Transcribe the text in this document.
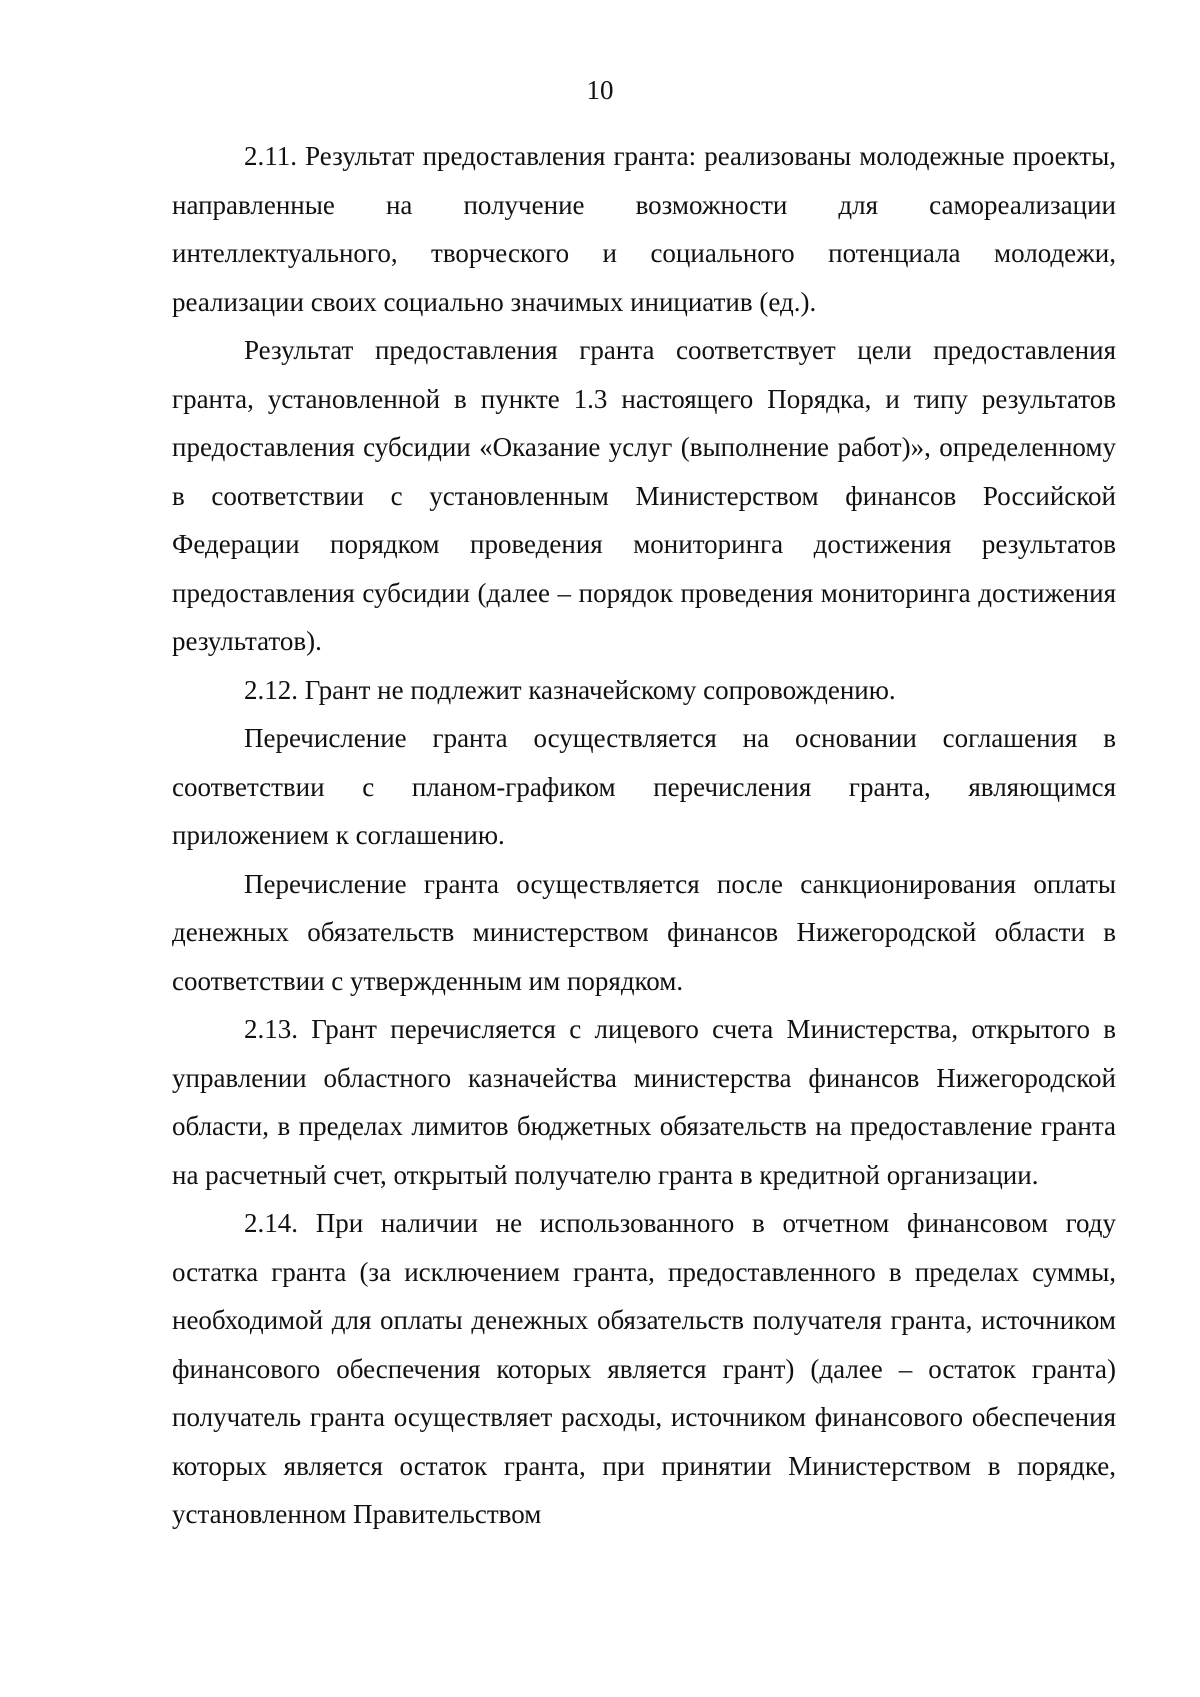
10

2.11. Результат предоставления гранта: реализованы молодежные проекты, направленные на получение возможности для самореализации интеллектуального, творческого и социального потенциала молодежи, реализации своих социально значимых инициатив (ед.).

Результат предоставления гранта соответствует цели предоставления гранта, установленной в пункте 1.3 настоящего Порядка, и типу результатов предоставления субсидии «Оказание услуг (выполнение работ)», определенному в соответствии с установленным Министерством финансов Российской Федерации порядком проведения мониторинга достижения результатов предоставления субсидии (далее – порядок проведения мониторинга достижения результатов).

2.12. Грант не подлежит казначейскому сопровождению.

Перечисление гранта осуществляется на основании соглашения в соответствии с планом-графиком перечисления гранта, являющимся приложением к соглашению.

Перечисление гранта осуществляется после санкционирования оплаты денежных обязательств министерством финансов Нижегородской области в соответствии с утвержденным им порядком.

2.13. Грант перечисляется с лицевого счета Министерства, открытого в управлении областного казначейства министерства финансов Нижегородской области, в пределах лимитов бюджетных обязательств на предоставление гранта на расчетный счет, открытый получателю гранта в кредитной организации.

2.14. При наличии не использованного в отчетном финансовом году остатка гранта (за исключением гранта, предоставленного в пределах суммы, необходимой для оплаты денежных обязательств получателя гранта, источником финансового обеспечения которых является грант) (далее – остаток гранта) получатель гранта осуществляет расходы, источником финансового обеспечения которых является остаток гранта, при принятии Министерством в порядке, установленном Правительством
